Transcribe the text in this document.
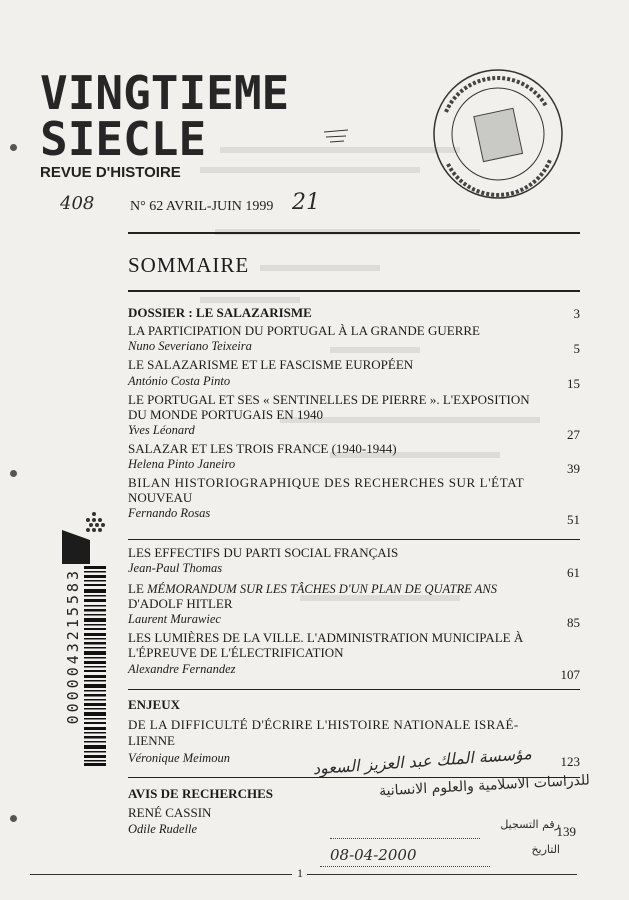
VINGTIEME
SIECLE
REVUE D'HISTOIRE
408	21
N° 62 AVRIL-JUIN 1999
SOMMAIRE
DOSSIER : LE SALAZARISME	3
LA PARTICIPATION DU PORTUGAL À LA GRANDE GUERRE
Nuno Severiano Teixeira	5
LE SALAZARISME ET LE FASCISME EUROPÉEN
António Costa Pinto	15
LE PORTUGAL ET SES « SENTINELLES DE PIERRE ». L'EXPOSITION
DU MONDE PORTUGAIS EN 1940
Yves Léonard	27
SALAZAR ET LES TROIS FRANCE (1940-1944)
Helena Pinto Janeiro	39
BILAN HISTORIOGRAPHIQUE DES RECHERCHES SUR L'ÉTAT
NOUVEAU
Fernando Rosas	51
LES EFFECTIFS DU PARTI SOCIAL FRANÇAIS
Jean-Paul Thomas	61
LE MÉMORANDUM SUR LES TÂCHES D'UN PLAN DE QUATRE ANS
D'ADOLF HITLER
Laurent Murawiec	85
LES LUMIÈRES DE LA VILLE. L'ADMINISTRATION MUNICIPALE À
L'ÉPREUVE DE L'ÉLECTRIFICATION
Alexandre Fernandez	107
ENJEUX
DE LA DIFFICULTÉ D'ÉCRIRE L'HISTOIRE NATIONALE ISRAÉ-
LIENNE
Véronique Meimoun	123
AVIS DE RECHERCHES
RENÉ CASSIN
Odile Rudelle	139
مؤسسة الملك عبد العزيز السعود
للدراسات الاسلامية والعلوم الانسانية
رقم التسجيل
التاريخ
08-04-2000
1
0000043215583
